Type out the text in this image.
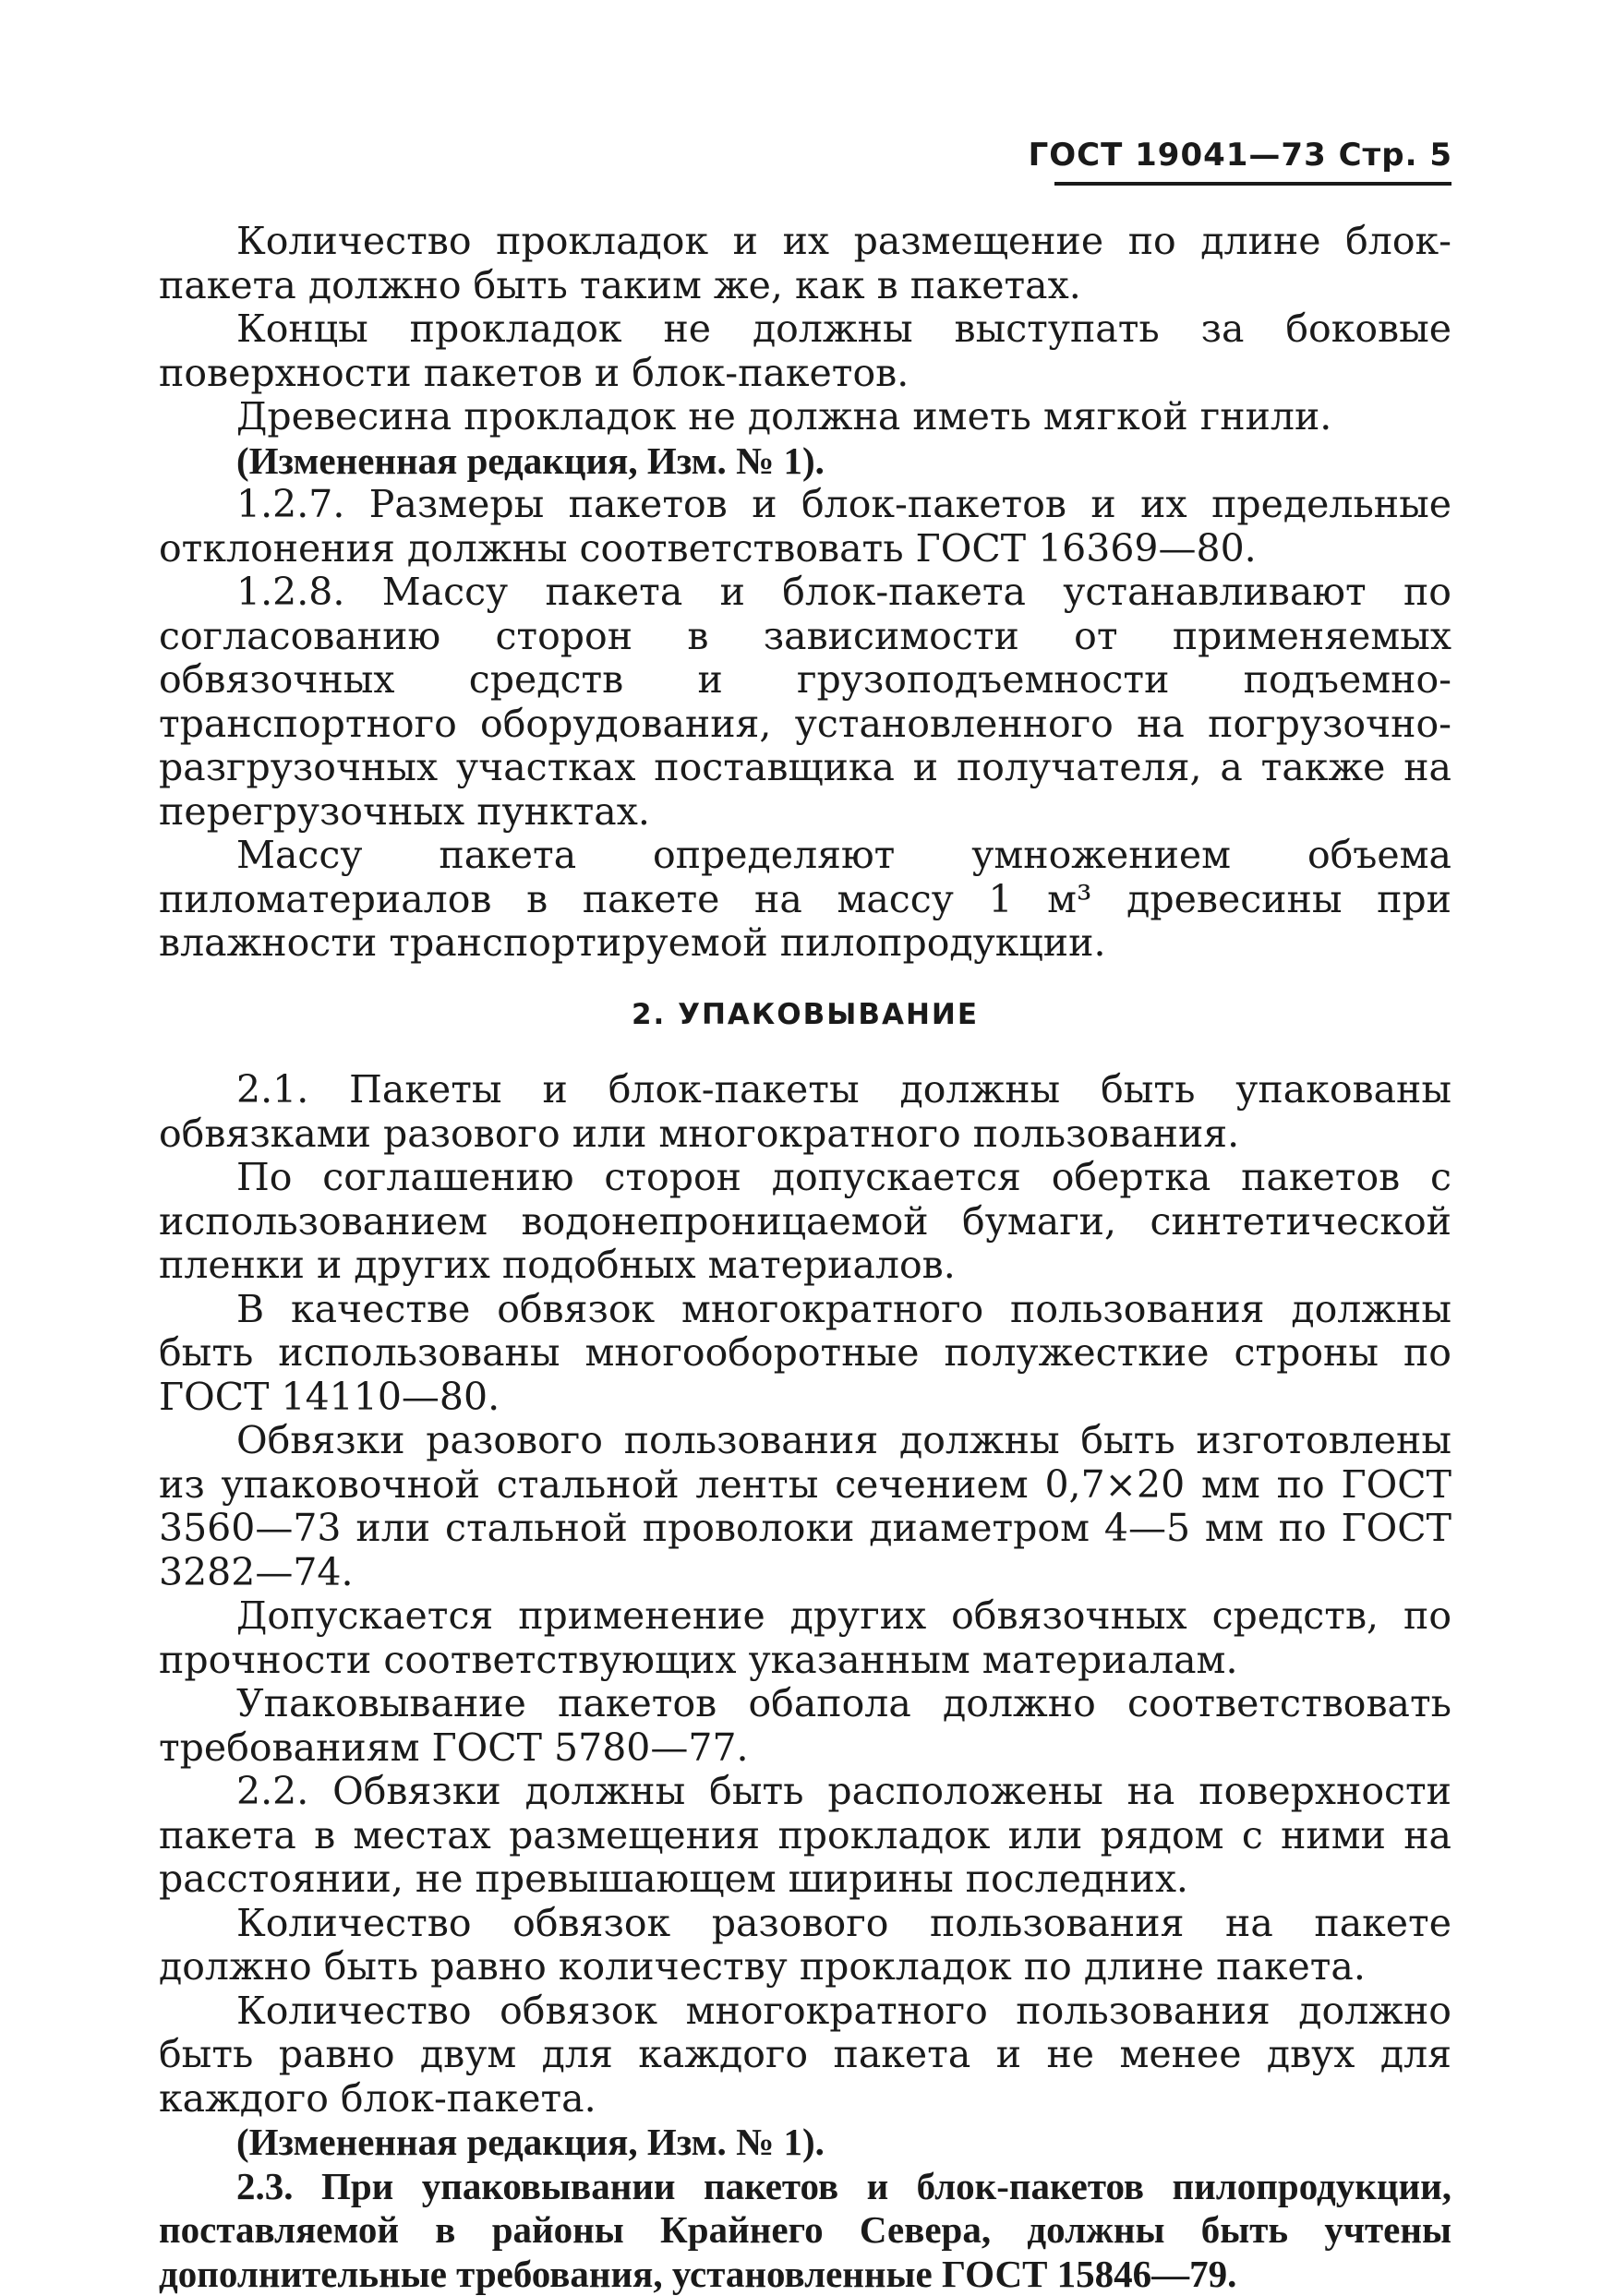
ГОСТ 19041—73 Стр. 5

Количество прокладок и их размещение по длине блок-пакета должно быть таким же, как в пакетах.

Концы прокладок не должны выступать за боковые поверхности пакетов и блок-пакетов.

Древесина прокладок не должна иметь мягкой гнили.

(Измененная редакция, Изм. № 1).

1.2.7. Размеры пакетов и блок-пакетов и их предельные отклонения должны соответствовать ГОСТ 16369—80.

1.2.8. Массу пакета и блок-пакета устанавливают по согласованию сторон в зависимости от применяемых обвязочных средств и грузоподъемности подъемно-транспортного оборудования, установленного на погрузочно-разгрузочных участках поставщика и получателя, а также на перегрузочных пунктах.

Массу пакета определяют умножением объема пиломатериалов в пакете на массу 1 м³ древесины при влажности транспортируемой пилопродукции.

2. УПАКОВЫВАНИЕ

2.1. Пакеты и блок-пакеты должны быть упакованы обвязками разового или многократного пользования.

По соглашению сторон допускается обертка пакетов с использованием водонепроницаемой бумаги, синтетической пленки и других подобных материалов.

В качестве обвязок многократного пользования должны быть использованы многооборотные полужесткие строны по ГОСТ 14110—80.

Обвязки разового пользования должны быть изготовлены из упаковочной стальной ленты сечением 0,7×20 мм по ГОСТ 3560—73 или стальной проволоки диаметром 4—5 мм по ГОСТ 3282—74.

Допускается применение других обвязочных средств, по прочности соответствующих указанным материалам.

Упаковывание пакетов обапола должно соответствовать требованиям ГОСТ 5780—77.

2.2. Обвязки должны быть расположены на поверхности пакета в местах размещения прокладок или рядом с ними на расстоянии, не превышающем ширины последних.

Количество обвязок разового пользования на пакете должно быть равно количеству прокладок по длине пакета.

Количество обвязок многократного пользования должно быть равно двум для каждого пакета и не менее двух для каждого блок-пакета.

(Измененная редакция, Изм. № 1).

2.3. При упаковывании пакетов и блок-пакетов пилопродукции, поставляемой в районы Крайнего Севера, должны быть учтены дополнительные требования, установленные ГОСТ 15846—79.
